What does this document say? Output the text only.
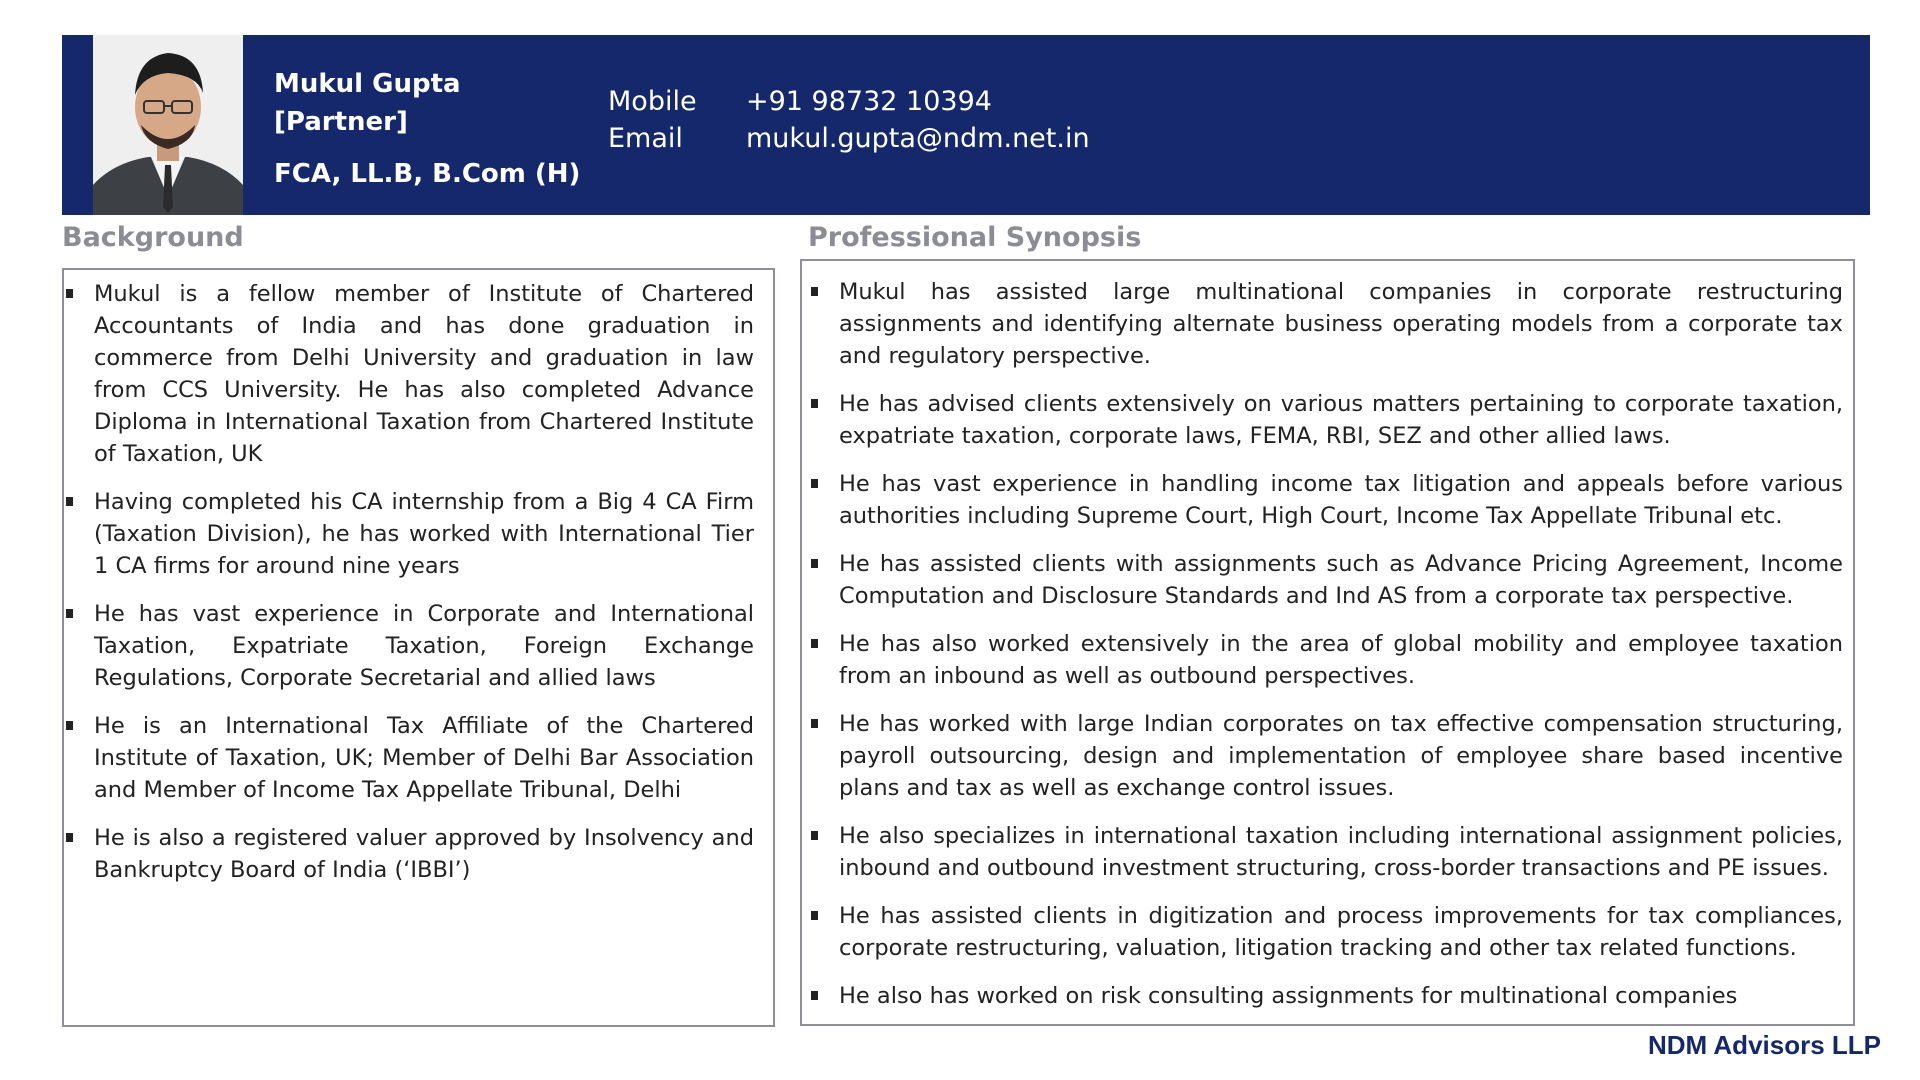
Mukul Gupta
[Partner]
FCA, LL.B, B.Com (H)
Mobile	+91 98732 10394
Email	mukul.gupta@ndm.net.in
Background	Professional Synopsis
Mukul is a fellow member of Institute of Chartered Accountants of India and has done graduation in commerce from Delhi University and graduation in law from CCS University. He has also completed Advance Diploma in International Taxation from Chartered Institute of Taxation, UK
Having completed his CA internship from a Big 4 CA Firm (Taxation Division), he has worked with International Tier 1 CA firms for around nine years
He has vast experience in Corporate and International Taxation, Expatriate Taxation, Foreign Exchange Regulations, Corporate Secretarial and allied laws
He is an International Tax Affiliate of the Chartered Institute of Taxation, UK; Member of Delhi Bar Association and Member of Income Tax Appellate Tribunal, Delhi
He is also a registered valuer approved by Insolvency and Bankruptcy Board of India (‘IBBI’)
Mukul has assisted large multinational companies in corporate restructuring assignments and identifying alternate business operating models from a corporate tax and regulatory perspective.
He has advised clients extensively on various matters pertaining to corporate taxation, expatriate taxation, corporate laws, FEMA, RBI, SEZ and other allied laws.
He has vast experience in handling income tax litigation and appeals before various authorities including Supreme Court, High Court, Income Tax Appellate Tribunal etc.
He has assisted clients with assignments such as Advance Pricing Agreement, Income Computation and Disclosure Standards and Ind AS from a corporate tax perspective.
He has also worked extensively in the area of global mobility and employee taxation from an inbound as well as outbound perspectives.
He has worked with large Indian corporates on tax effective compensation structuring, payroll outsourcing, design and implementation of employee share based incentive plans and tax as well as exchange control issues.
He also specializes in international taxation including international assignment policies, inbound and outbound investment structuring, cross-border transactions and PE issues.
He has assisted clients in digitization and process improvements for tax compliances, corporate restructuring, valuation, litigation tracking and other tax related functions.
He also has worked on risk consulting assignments for multinational companies
NDM Advisors LLP
